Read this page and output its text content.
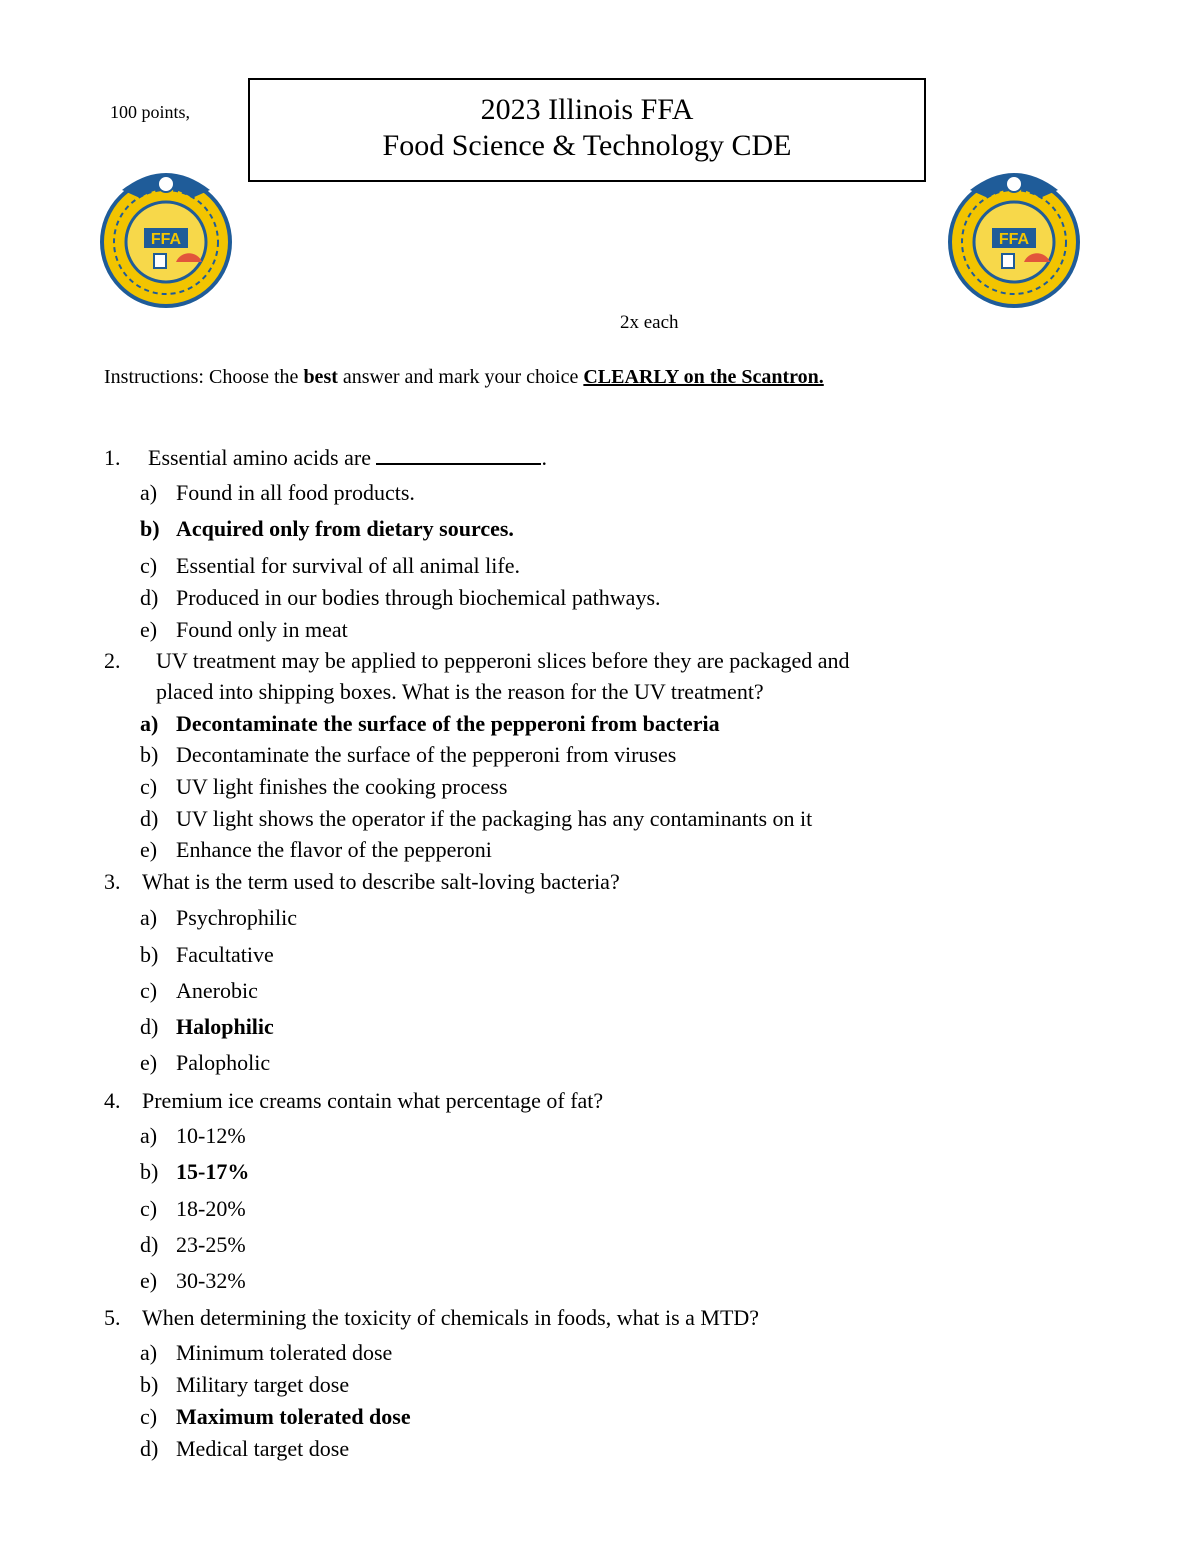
FFA
100 points,	2023 Illinois FFA
Food Science & Technology CDE
FFA
2x each
Instructions: Choose the best answer and mark your choice CLEARLY on the Scantron.
1. Essential amino acids are	.
a) Found in all food products.
b) Acquired only from dietary sources.
c) Essential for survival of all animal life.
d) Produced in our bodies through biochemical pathways.
e) Found only in meat
2. UV treatment may be applied to pepperoni slices before they are packaged and
placed into shipping boxes. What is the reason for the UV treatment?
a) Decontaminate the surface of the pepperoni from bacteria
b) Decontaminate the surface of the pepperoni from viruses
c) UV light finishes the cooking process
d) UV light shows the operator if the packaging has any contaminants on it
e) Enhance the flavor of the pepperoni
3. What is the term used to describe salt-loving bacteria?
a) Psychrophilic
b) Facultative
c) Anerobic
d) Halophilic
e) Palopholic
4. Premium ice creams contain what percentage of fat?
a) 10-12%
b) 15-17%
c) 18-20%
d) 23-25%
e) 30-32%
5. When determining the toxicity of chemicals in foods, what is a MTD?
a) Minimum tolerated dose
b) Military target dose
c) Maximum tolerated dose
d) Medical target dose
